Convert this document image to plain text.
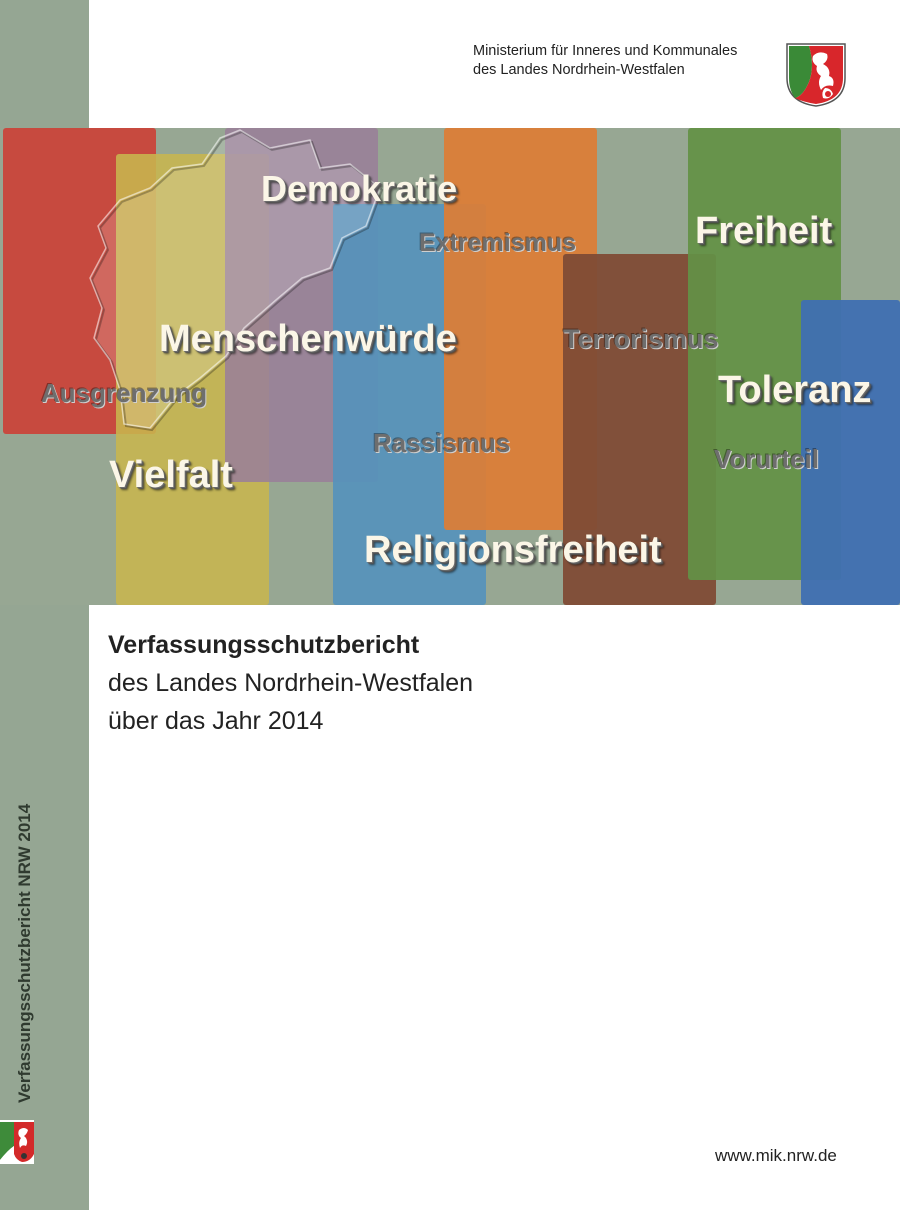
Verfassungsschutzbericht NRW 2014
Ministerium für Inneres und Kommunales
des Landes Nordrhein-Westfalen
Demokratie
Extremismus	Freiheit
Menschenwürde	Terrorismus
Ausgrenzung	Toleranz
Rassismus
Vorurteil
Vielfalt
Religionsfreiheit
Verfassungsschutzbericht
des Landes Nordrhein-Westfalen
über das Jahr 2014
www.mik.nrw.de
